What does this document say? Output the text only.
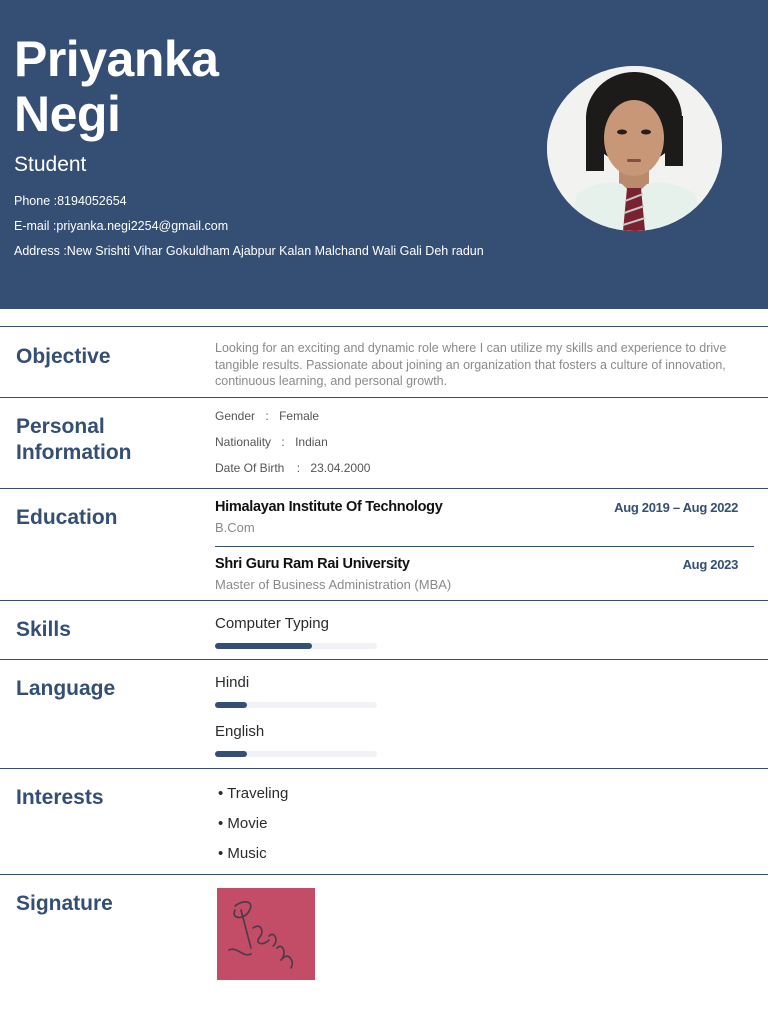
Priyanka
Negi
Student
Phone :8194052654
E-mail :priyanka.negi2254@gmail.com
Address :New Srishti Vihar Gokuldham Ajabpur Kalan Malchand Wali Gali Deh radun
Objective	Looking for an exciting and dynamic role where I can utilize my skills and experience to drive tangible results. Passionate about joining an organization that fosters a culture of innovation, continuous learning, and personal growth.
Personal
Information
Gender : Female
Nationality : Indian
Date Of Birth : 23.04.2000
Education	Himalayan Institute Of Technology	Aug 2019 – Aug 2022
B.Com
Shri Guru Ram Rai University	Aug 2023
Master of Business Administration (MBA)
Skills	Computer Typing
Language	Hindi
English
Interests	• Traveling
• Movie
• Music
Signature
